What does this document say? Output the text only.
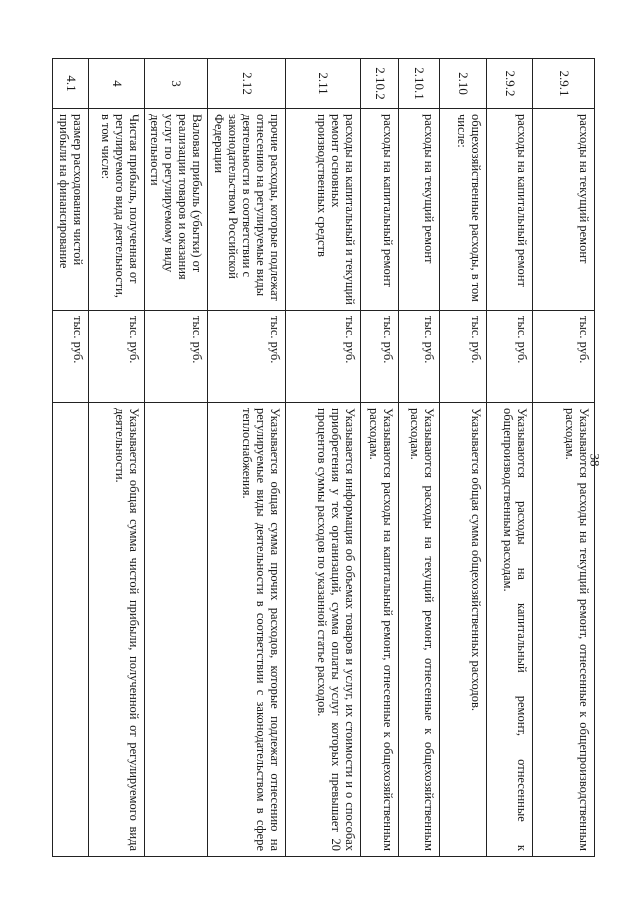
38
2.9.1	расходы на текущий ремонт	тыс. руб.	Указываются расходы на текущий ремонт, отнесенные к общепроизводственным расходам.
2.9.2	расходы на капитальный ремонт	тыс. руб.	Указываются расходы на капитальный ремонт, отнесенные к общепроизводственным расходам.
2.10	общехозяйственные расходы, в том числе:	тыс. руб.	Указывается общая сумма общехозяйственных расходов.
2.10.1	расходы на текущий ремонт	тыс. руб.	Указываются расходы на текущий ремонт, отнесенные к общехозяйственным расходам.
2.10.2	расходы на капитальный ремонт	тыс. руб.	Указываются расходы на капитальный ремонт, отнесенные к общехозяйственным расходам.
2.11	расходы на капитальный и текущий ремонт основных производственных средств	тыс. руб.	Указывается информация об объемах товаров и услуг, их стоимости и о способах приобретения у тех организаций, сумма оплаты услуг которых превышает 20 процентов суммы расходов по указанной статье расходов.
2.12	прочие расходы, которые подлежат отнесению на регулируемые виды деятельности в соответствии с законодательством Российской Федерации	тыс. руб.	Указывается общая сумма прочих расходов, которые подлежат отнесению на регулируемые виды деятельности в соответствии с законодательством в сфере теплоснабжения.
3	Валовая прибыль (убытки) от реализации товаров и оказания услуг по регулируемому виду деятельности	тыс. руб.	
4	Чистая прибыль, полученная от регулируемого вида деятельности, в том числе:	тыс. руб.	Указывается общая сумма чистой прибыли, полученной от регулируемого вида деятельности.
4.1	размер расходования чистой прибыли на финансирование	тыс. руб.	
